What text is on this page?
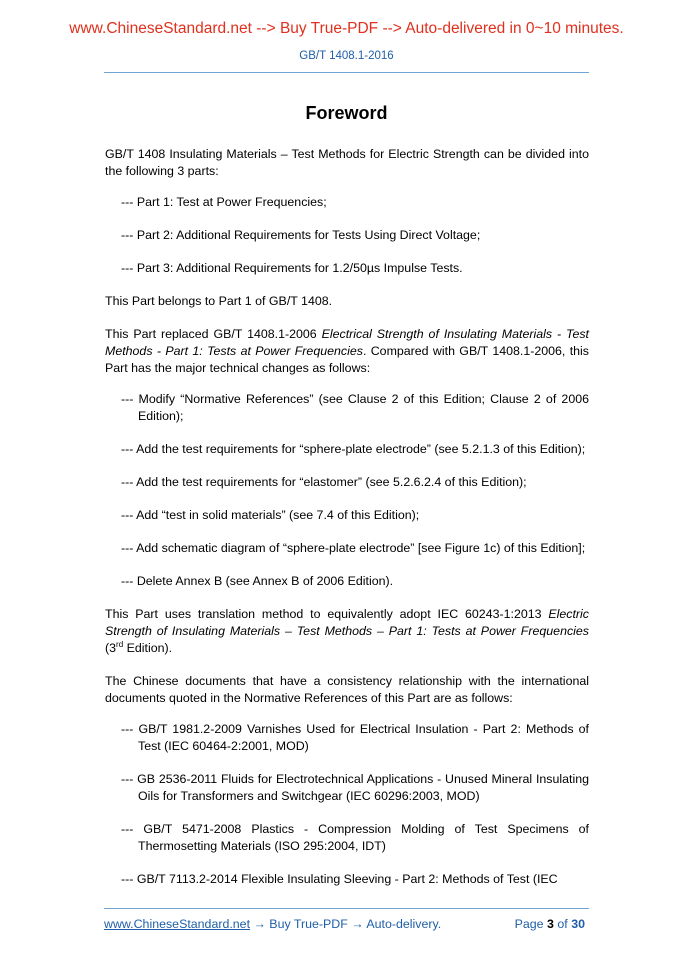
www.ChineseStandard.net --> Buy True-PDF --> Auto-delivered in 0~10 minutes.
GB/T 1408.1-2016
Foreword

GB/T 1408 Insulating Materials – Test Methods for Electric Strength can be divided into the following 3 parts:

--- Part 1: Test at Power Frequencies;

--- Part 2: Additional Requirements for Tests Using Direct Voltage;

--- Part 3: Additional Requirements for 1.2/50µs Impulse Tests.

This Part belongs to Part 1 of GB/T 1408.

This Part replaced GB/T 1408.1-2006 Electrical Strength of Insulating Materials - Test Methods - Part 1: Tests at Power Frequencies. Compared with GB/T 1408.1-2006, this Part has the major technical changes as follows:

--- Modify “Normative References” (see Clause 2 of this Edition; Clause 2 of 2006 Edition);

--- Add the test requirements for “sphere-plate electrode” (see 5.2.1.3 of this Edition);

--- Add the test requirements for “elastomer” (see 5.2.6.2.4 of this Edition);

--- Add “test in solid materials” (see 7.4 of this Edition);

--- Add schematic diagram of “sphere-plate electrode” [see Figure 1c) of this Edition];

--- Delete Annex B (see Annex B of 2006 Edition).

This Part uses translation method to equivalently adopt IEC 60243-1:2013 Electric Strength of Insulating Materials – Test Methods – Part 1: Tests at Power Frequencies (3rd Edition).

The Chinese documents that have a consistency relationship with the international documents quoted in the Normative References of this Part are as follows:

--- GB/T 1981.2-2009 Varnishes Used for Electrical Insulation - Part 2: Methods of Test (IEC 60464-2:2001, MOD)

--- GB 2536-2011 Fluids for Electrotechnical Applications - Unused Mineral Insulating Oils for Transformers and Switchgear (IEC 60296:2003, MOD)

--- GB/T 5471-2008 Plastics - Compression Molding of Test Specimens of Thermosetting Materials (ISO 295:2004, IDT)

--- GB/T 7113.2-2014 Flexible Insulating Sleeving - Part 2: Methods of Test (IEC

www.ChineseStandard.net → Buy True-PDF → Auto-delivery.	Page 3 of 30
